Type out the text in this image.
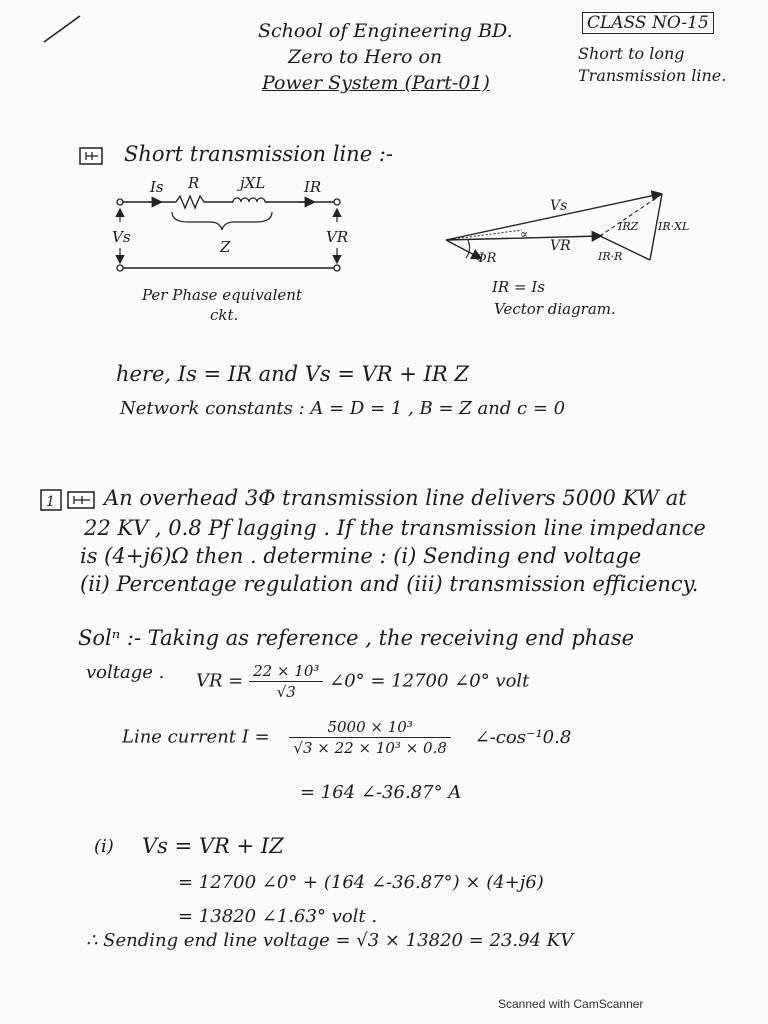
School of Engineering BD.
Zero to Hero on
Power System (Part-01)
CLASS NO-15
Short to long
Transmission line.
Short transmission line :-
Is R	jXL	IR
Vs	VR
Z
Per Phase equivalent
ckt.
Vs
IRZ IR·XL
VR
IR·R
∝
ΦR
IR = Is
Vector diagram.
here, Is = IR and Vs = VR + IR Z
Network constants : A = D = 1 , B = Z and c = 0
1 An overhead 3Φ transmission line delivers 5000 KW at
22 KV , 0.8 Pf lagging . If the transmission line impedance
is (4+j6)Ω then . determine : (i) Sending end voltage
(ii) Percentage regulation and (iii) transmission efficiency.
Solⁿ :- Taking as reference , the receiving end phase
voltage . VR = $\frac{\text{22 × 10³}}{√3}$ ∠0° = 12700 ∠0° volt
Line current $I = \frac{\text{5000 × 10³}}{\text{√3 × 22 × 10³ × 0.8}}$ ∠-cos⁻¹0.8
= 164 ∠-36.87° A
(i) Vs = VR + IZ
= 12700 ∠0° + (164 ∠-36.87°) × (4+j6)
= 13820 ∠1.63° volt .
∴ Sending end line voltage = √3 × 13820 = 23.94 KV
Scanned with CamScanner
